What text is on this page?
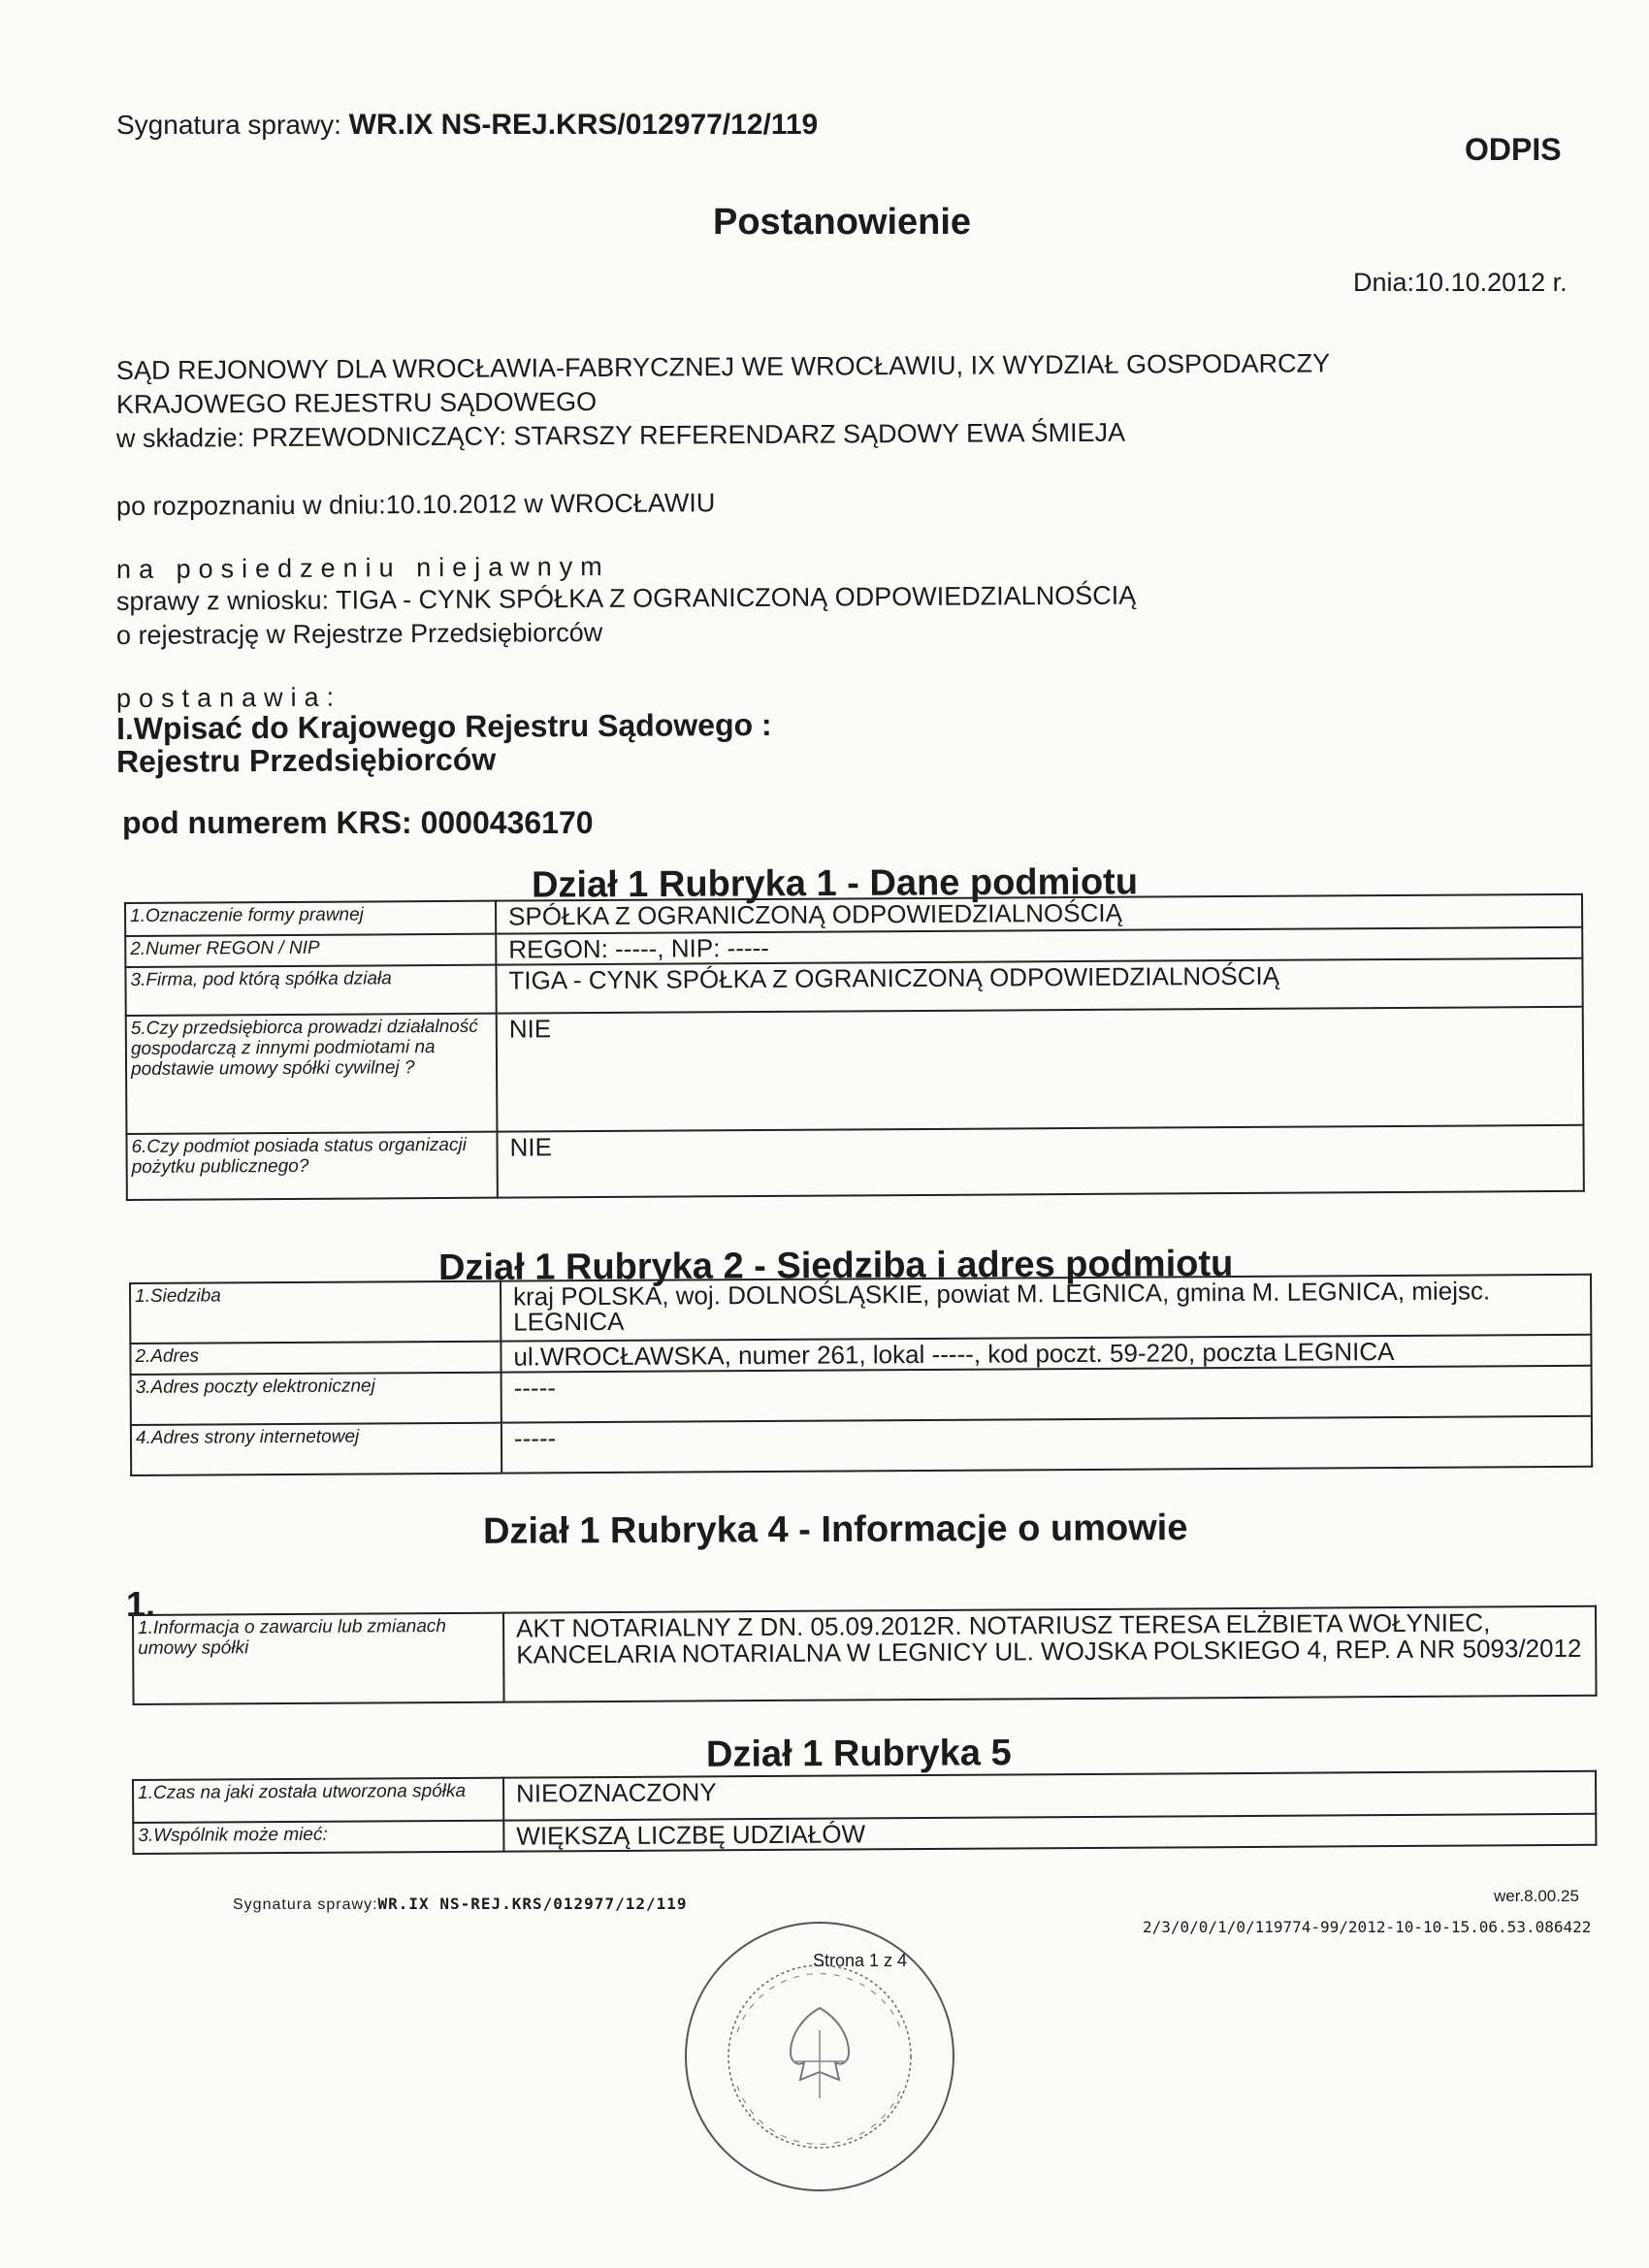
Sygnatura sprawy: WR.IX NS-REJ.KRS/012977/12/119
ODPIS
Postanowienie
Dnia:10.10.2012 r.
SĄD REJONOWY DLA WROCŁAWIA-FABRYCZNEJ WE WROCŁAWIU, IX WYDZIAŁ GOSPODARCZY
KRAJOWEGO REJESTRU SĄDOWEGO
w składzie: PRZEWODNICZĄCY: STARSZY REFERENDARZ SĄDOWY EWA ŚMIEJA
po rozpoznaniu w dniu:10.10.2012 w WROCŁAWIU
na posiedzeniu niejawnym
sprawy z wniosku: TIGA - CYNK SPÓŁKA Z OGRANICZONĄ ODPOWIEDZIALNOŚCIĄ
o rejestrację w Rejestrze Przedsiębiorców
postanawia:
I.Wpisać do Krajowego Rejestru Sądowego :
Rejestru Przedsiębiorców
pod numerem KRS: 0000436170
Dział 1 Rubryka 1 - Dane podmiotu
1.Oznaczenie formy prawnej	SPÓŁKA Z OGRANICZONĄ ODPOWIEDZIALNOŚCIĄ
2.Numer REGON / NIP	REGON: -----, NIP: -----
3.Firma, pod którą spółka działa	TIGA - CYNK SPÓŁKA Z OGRANICZONĄ ODPOWIEDZIALNOŚCIĄ
5.Czy przedsiębiorca prowadzi działalność gospodarczą z innymi podmiotami na podstawie umowy spółki cywilnej ?	NIE
6.Czy podmiot posiada status organizacji pożytku publicznego?	NIE
Dział 1 Rubryka 2 - Siedziba i adres podmiotu
1.Siedziba	kraj POLSKA, woj. DOLNOŚLĄSKIE, powiat M. LEGNICA, gmina M. LEGNICA, miejsc. LEGNICA
2.Adres	ul.WROCŁAWSKA, numer 261, lokal -----, kod poczt. 59-220, poczta LEGNICA
3.Adres poczty elektronicznej	-----
4.Adres strony internetowej	-----
Dział 1 Rubryka 4 - Informacje o umowie
1.
1.Informacja o zawarciu lub zmianach umowy spółki	AKT NOTARIALNY Z DN. 05.09.2012R. NOTARIUSZ TERESA ELŻBIETA WOŁYNIEC, KANCELARIA NOTARIALNA W LEGNICY UL. WOJSKA POLSKIEGO 4, REP. A NR 5093/2012
Dział 1 Rubryka 5
1.Czas na jaki została utworzona spółka	NIEOZNACZONY
3.Wspólnik może mieć:	WIĘKSZĄ LICZBĘ UDZIAŁÓW
Sygnatura sprawy:WR.IX NS-REJ.KRS/012977/12/119	wer.8.00.25
2/3/0/0/1/0/119774-99/2012-10-10-15.06.53.086422
Strona 1 z 4
